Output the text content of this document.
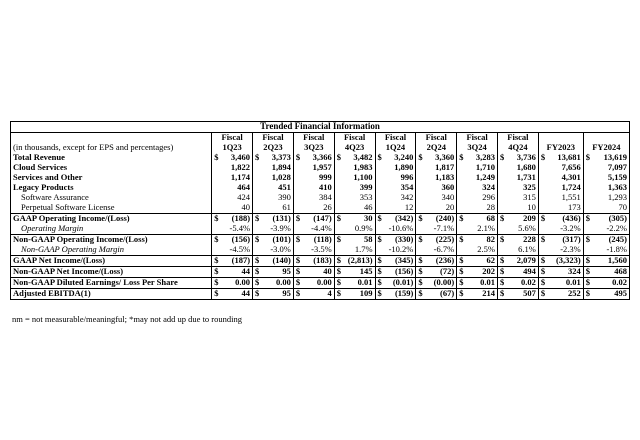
Trended Financial Information																				
	Fiscal		Fiscal		Fiscal		Fiscal		Fiscal		Fiscal		Fiscal		Fiscal					
(in thousands, except for EPS and percentages)	1Q23		2Q23		3Q23		4Q23		1Q24		2Q24		3Q24		4Q24		FY2023		FY2024	
Total Revenue	$	3,460	$	3,373	$	3,366	$	3,482	$	3,240	$	3,360	$	3,283	$	3,736	$	13,681	$	13,619
Cloud Services	1,822		1,894		1,957		1,983		1,890		1,817		1,710		1,680		7,656		7,097	
Services and Other	1,174		1,028		999		1,100		996		1,183		1,249		1,731		4,301		5,159	
Legacy Products	464		451		410		399		354		360		324		325		1,724		1,363	
Software Assurance	424		390		384		353		342		340		296		315		1,551		1,293	
Perpetual Software License	40		61		26		46		12		20		28		10		173		70	
GAAP Operating Income/(Loss)	$	(188)	$	(131)	$	(147)	$	30	$	(342)	$	(240)	$	68	$	209	$	(436)	$	(305)
Operating Margin	-5.4%		-3.9%		-4.4%		0.9%		-10.6%		-7.1%		2.1%		5.6%		-3.2%		-2.2%	
Non-GAAP Operating Income/(Loss)	$	(156)	$	(101)	$	(118)	$	58	$	(330)	$	(225)	$	82	$	228	$	(317)	$	(245)
Non-GAAP Operating Margin	-4.5%		-3.0%		-3.5%		1.7%		-10.2%		-6.7%		2.5%		6.1%		-2.3%		-1.8%	
GAAP Net Income/(Loss)	$	(187)	$	(140)	$	(183)	$	(2,813)	$	(345)	$	(236)	$	62	$	2,079	$	(3,323)	$	1,560
Non-GAAP Net Income/(Loss)	$	44	$	95	$	40	$	145	$	(156)	$	(72)	$	202	$	494	$	324	$	468
Non-GAAP Diluted Earnings/ Loss Per Share	$	0.00	$	0.00	$	0.00	$	0.01	$	(0.01)	$	(0.00)	$	0.01	$	0.02	$	0.01	$	0.02
Adjusted EBITDA(1)	$	44	$	95	$	4	$	109	$	(159)	$	(67)	$	214	$	507	$	252	$	495
nm = not measurable/meaningful; *may not add up due to rounding
